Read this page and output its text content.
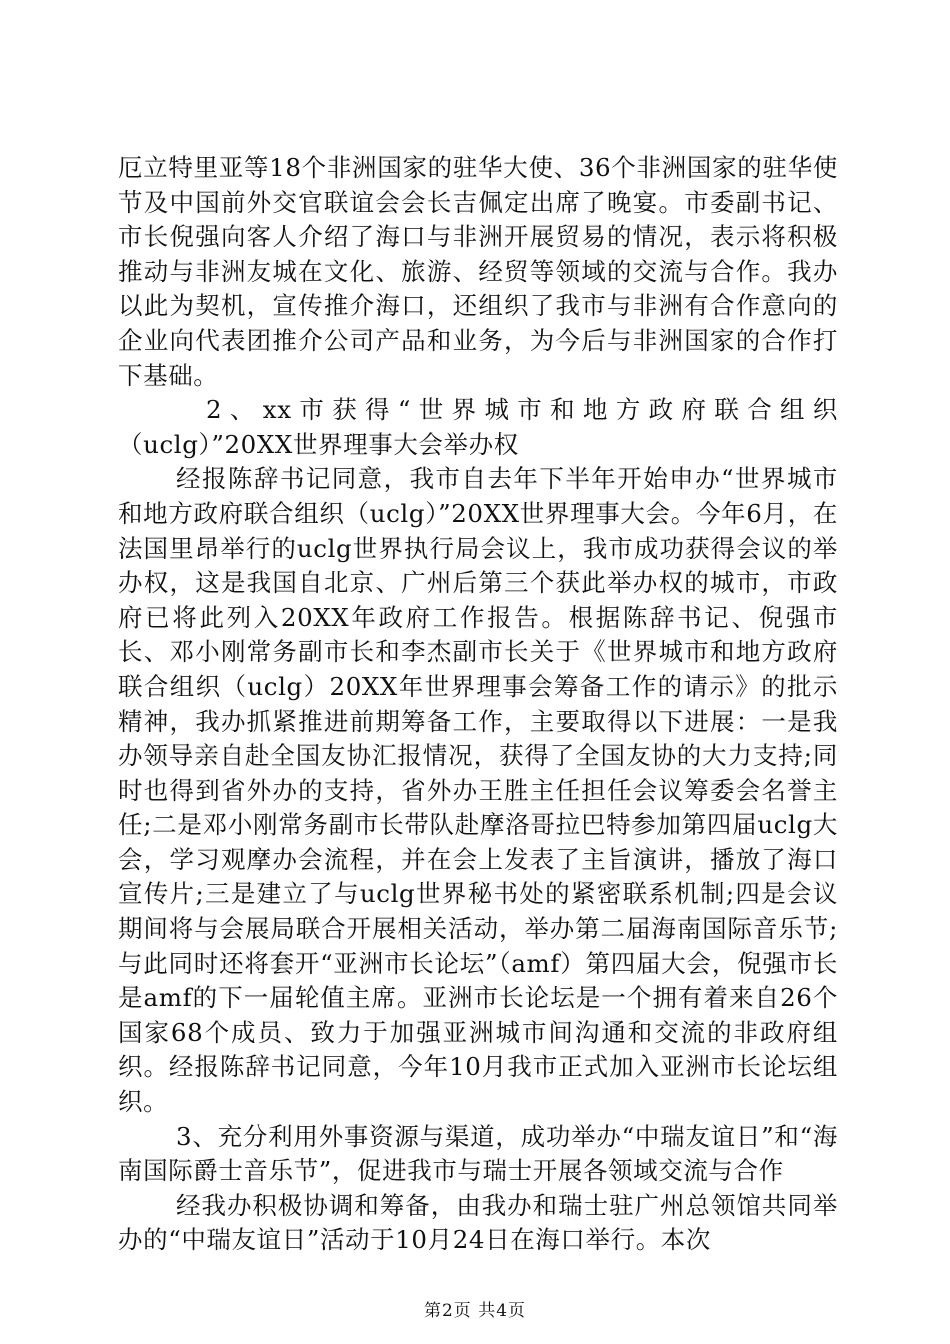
厄立特里亚等18个非洲国家的驻华大使、36个非洲国家的驻华使节及中国前外交官联谊会会长吉佩定出席了晚宴。市委副书记、市长倪强向客人介绍了海口与非洲开展贸易的情况，表示将积极推动与非洲友城在文化、旅游、经贸等领域的交流与合作。我办以此为契机，宣传推介海口，还组织了我市与非洲有合作意向的企业向代表团推介公司产品和业务，为今后与非洲国家的合作打下基础。

2、xx市获得“世界城市和地方政府联合组织（uclg）”20XX世界理事大会举办权

经报陈辞书记同意，我市自去年下半年开始申办“世界城市和地方政府联合组织（uclg）”20XX世界理事大会。今年6月，在法国里昂举行的uclg世界执行局会议上，我市成功获得会议的举办权，这是我国自北京、广州后第三个获此举办权的城市，市政府已将此列入20XX年政府工作报告。根据陈辞书记、倪强市长、邓小刚常务副市长和李杰副市长关于《世界城市和地方政府联合组织（uclg）20XX年世界理事会筹备工作的请示》的批示精神，我办抓紧推进前期筹备工作，主要取得以下进展：一是我办领导亲自赴全国友协汇报情况，获得了全国友协的大力支持;同时也得到省外办的支持，省外办王胜主任担任会议筹委会名誉主任;二是邓小刚常务副市长带队赴摩洛哥拉巴特参加第四届uclg大会，学习观摩办会流程，并在会上发表了主旨演讲，播放了海口宣传片;三是建立了与uclg世界秘书处的紧密联系机制;四是会议期间将与会展局联合开展相关活动，举办第二届海南国际音乐节;与此同时还将套开“亚洲市长论坛”（amf）第四届大会，倪强市长是amf的下一届轮值主席。亚洲市长论坛是一个拥有着来自26个国家68个成员、致力于加强亚洲城市间沟通和交流的非政府组织。经报陈辞书记同意，今年10月我市正式加入亚洲市长论坛组织。

3、充分利用外事资源与渠道，成功举办“中瑞友谊日”和“海南国际爵士音乐节”，促进我市与瑞士开展各领域交流与合作

经我办积极协调和筹备，由我办和瑞士驻广州总领馆共同举办的“中瑞友谊日”活动于10月24日在海口举行。本次

第2页 共4页
